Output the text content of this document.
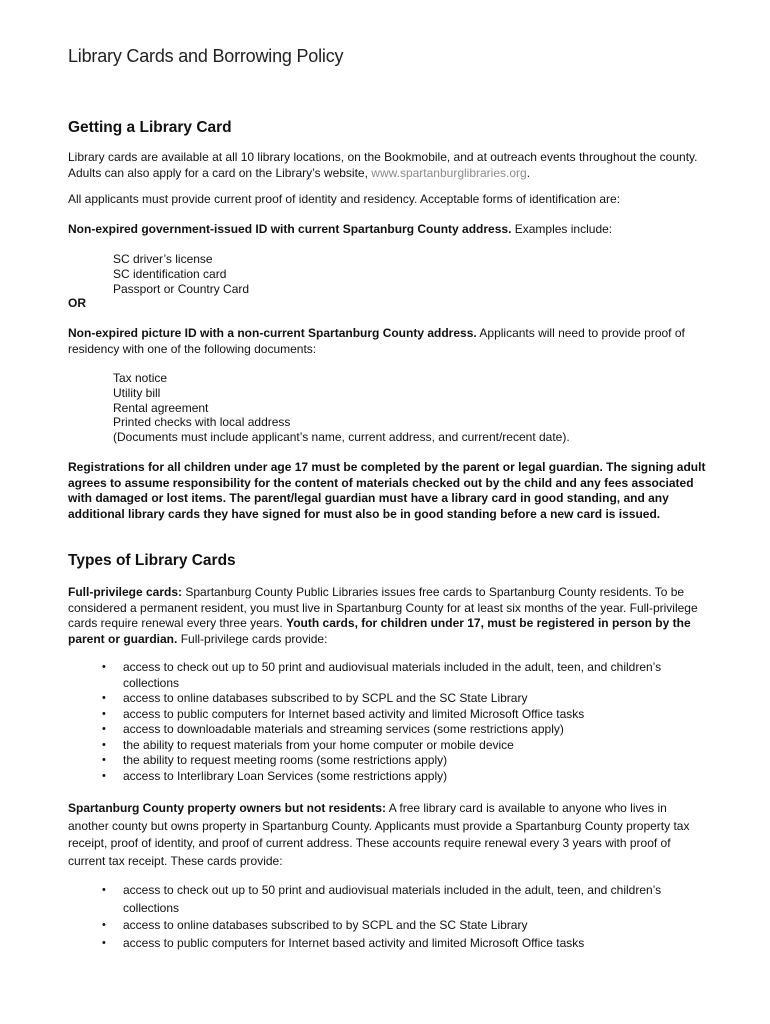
Library Cards and Borrowing Policy
Getting a Library Card

Library cards are available at all 10 library locations, on the Bookmobile, and at outreach events throughout the county. Adults can also apply for a card on the Library’s website, www.spartanburglibraries.org.

All applicants must provide current proof of identity and residency. Acceptable forms of identification are:

Non-expired government-issued ID with current Spartanburg County address. Examples include:

SC driver’s license
SC identification card
Passport or Country Card

OR

Non-expired picture ID with a non-current Spartanburg County address. Applicants will need to provide proof of residency with one of the following documents:

Tax notice
Utility bill
Rental agreement
Printed checks with local address
(Documents must include applicant’s name, current address, and current/recent date).

Registrations for all children under age 17 must be completed by the parent or legal guardian. The signing adult agrees to assume responsibility for the content of materials checked out by the child and any fees associated with damaged or lost items. The parent/legal guardian must have a library card in good standing, and any additional library cards they have signed for must also be in good standing before a new card is issued.

Types of Library Cards

Full-privilege cards: Spartanburg County Public Libraries issues free cards to Spartanburg County residents. To be considered a permanent resident, you must live in Spartanburg County for at least six months of the year. Full-privilege cards require renewal every three years. Youth cards, for children under 17, must be registered in person by the parent or guardian. Full-privilege cards provide:

• access to check out up to 50 print and audiovisual materials included in the adult, teen, and children’s collections
• access to online databases subscribed to by SCPL and the SC State Library
• access to public computers for Internet based activity and limited Microsoft Office tasks
• access to downloadable materials and streaming services (some restrictions apply)
• the ability to request materials from your home computer or mobile device
• the ability to request meeting rooms (some restrictions apply)
• access to Interlibrary Loan Services (some restrictions apply)

Spartanburg County property owners but not residents: A free library card is available to anyone who lives in another county but owns property in Spartanburg County. Applicants must provide a Spartanburg County property tax receipt, proof of identity, and proof of current address. These accounts require renewal every 3 years with proof of current tax receipt. These cards provide:

• access to check out up to 50 print and audiovisual materials included in the adult, teen, and children’s collections
• access to online databases subscribed to by SCPL and the SC State Library
• access to public computers for Internet based activity and limited Microsoft Office tasks
